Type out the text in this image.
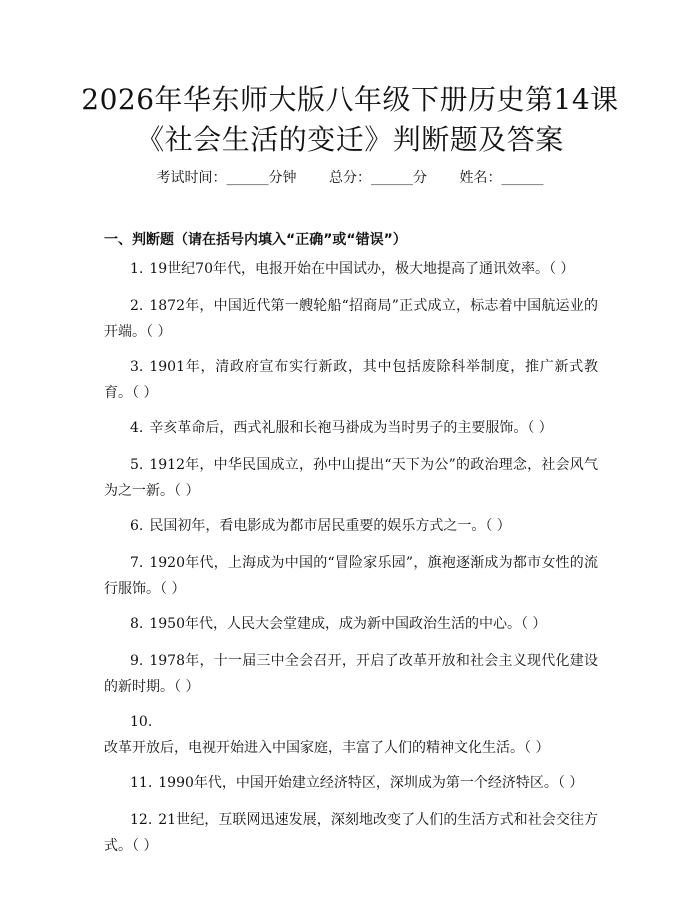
2026年华东师大版八年级下册历史第14课
《社会生活的变迁》判断题及答案
考试时间：______分钟 总分：______分 姓名：______
一、判断题（请在括号内填入“正确”或“错误”）
1. 19世纪70年代，电报开始在中国试办，极大地提高了通讯效率。（ ）
2. 1872年，中国近代第一艘轮船“招商局”正式成立，标志着中国航运业的开端。（ ）
3. 1901年，清政府宣布实行新政，其中包括废除科举制度，推广新式教育。（ ）
4. 辛亥革命后，西式礼服和长袍马褂成为当时男子的主要服饰。（ ）
5. 1912年，中华民国成立，孙中山提出“天下为公”的政治理念，社会风气为之一新。（ ）
6. 民国初年，看电影成为都市居民重要的娱乐方式之一。（ ）
7. 1920年代，上海成为中国的“冒险家乐园”，旗袍逐渐成为都市女性的流行服饰。（ ）
8. 1950年代，人民大会堂建成，成为新中国政治生活的中心。（ ）
9. 1978年，十一届三中全会召开，开启了改革开放和社会主义现代化建设的新时期。（ ）
10.改革开放后，电视开始进入中国家庭，丰富了人们的精神文化生活。（ ）
11. 1990年代，中国开始建立经济特区，深圳成为第一个经济特区。（ ）
12. 21世纪，互联网迅速发展，深刻地改变了人们的生活方式和社会交往方式。（ ）
